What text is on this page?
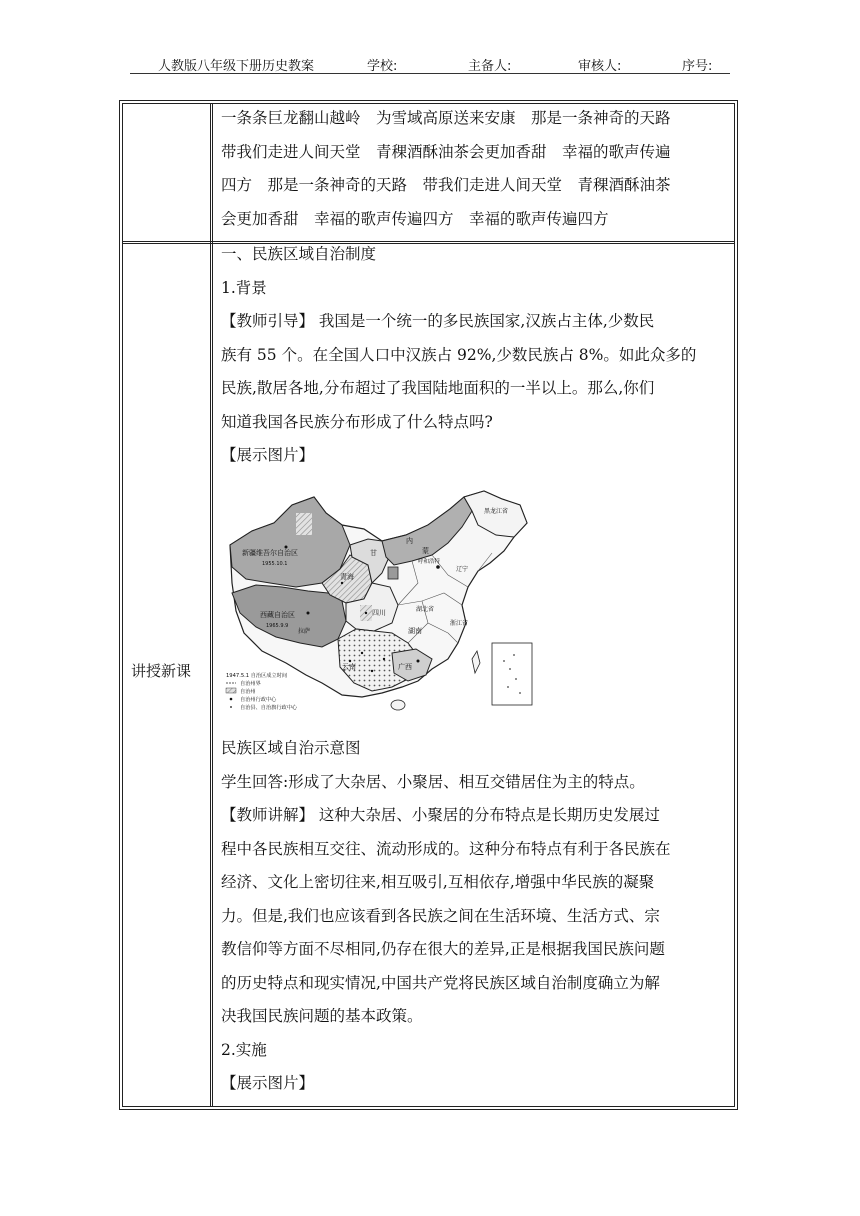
人教版八年级下册历史教案	学校:	主备人:	审核人:	序号:

一条条巨龙翻山越岭　为雪域高原送来安康　那是一条神奇的天路

带我们走进人间天堂　青稞酒酥油茶会更加香甜　幸福的歌声传遍

四方　那是一条神奇的天路　带我们走进人间天堂　青稞酒酥油茶

会更加香甜　幸福的歌声传遍四方　幸福的歌声传遍四方

讲授新课

一、民族区域自治制度

1.背景

【教师引导】 我国是一个统一的多民族国家,汉族占主体,少数民

族有 55 个。在全国人口中汉族占 92%,少数民族占 8%。如此众多的

民族,散居各地,分布超过了我国陆地面积的一半以上。那么,你们

知道我国各民族分布形成了什么特点吗?

【展示图片】

新疆维吾尔自治区
1955.10.1
西藏自治区
1965.9.9
拉萨
青海
甘
内
蒙
呼和浩特
黑龙江省
辽宁
四川	湖北省
湖南
浙江省
云南	广西
1947.5.1 自治区成立时间
自治州界
自治州
自治州行政中心
自治县、自治旗行政中心

民族区域自治示意图

学生回答:形成了大杂居、小聚居、相互交错居住为主的特点。

【教师讲解】 这种大杂居、小聚居的分布特点是长期历史发展过

程中各民族相互交往、流动形成的。这种分布特点有利于各民族在

经济、文化上密切往来,相互吸引,互相依存,增强中华民族的凝聚

力。但是,我们也应该看到各民族之间在生活环境、生活方式、宗

教信仰等方面不尽相同,仍存在很大的差异,正是根据我国民族问题

的历史特点和现实情况,中国共产党将民族区域自治制度确立为解

决我国民族问题的基本政策。

2.实施

【展示图片】
